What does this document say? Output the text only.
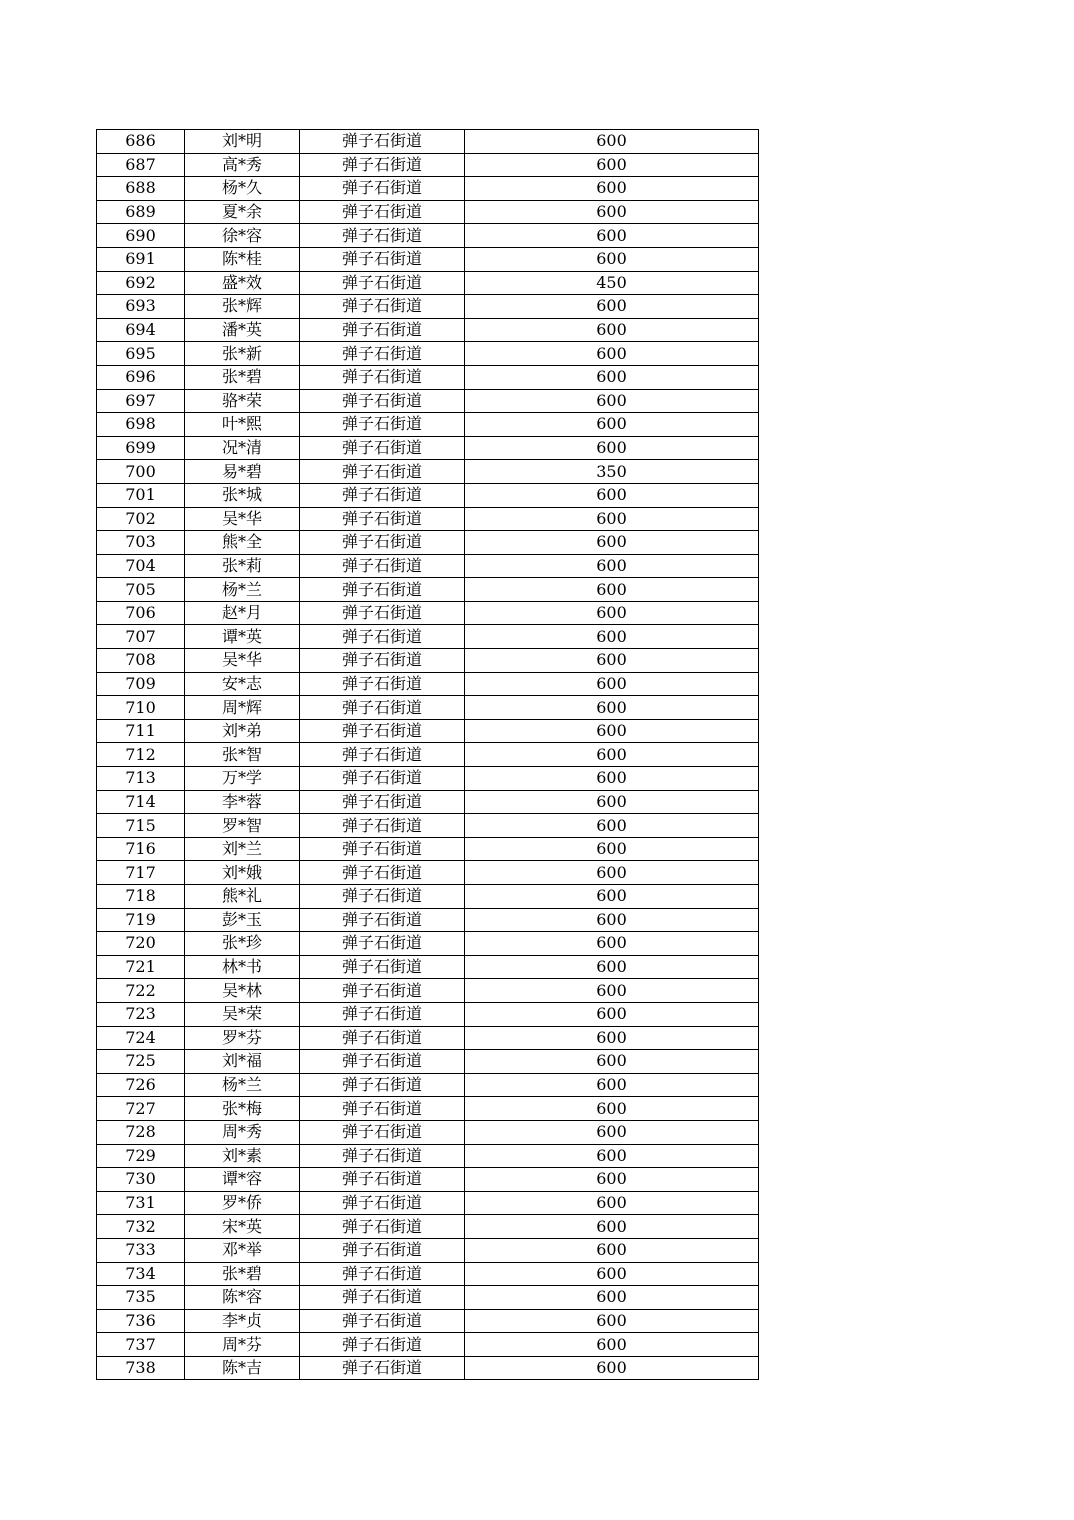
686	刘*明	弹子石街道	600
687	高*秀	弹子石街道	600
688	杨*久	弹子石街道	600
689	夏*余	弹子石街道	600
690	徐*容	弹子石街道	600
691	陈*桂	弹子石街道	600
692	盛*效	弹子石街道	450
693	张*辉	弹子石街道	600
694	潘*英	弹子石街道	600
695	张*新	弹子石街道	600
696	张*碧	弹子石街道	600
697	骆*荣	弹子石街道	600
698	叶*熙	弹子石街道	600
699	况*清	弹子石街道	600
700	易*碧	弹子石街道	350
701	张*城	弹子石街道	600
702	吴*华	弹子石街道	600
703	熊*全	弹子石街道	600
704	张*莉	弹子石街道	600
705	杨*兰	弹子石街道	600
706	赵*月	弹子石街道	600
707	谭*英	弹子石街道	600
708	吴*华	弹子石街道	600
709	安*志	弹子石街道	600
710	周*辉	弹子石街道	600
711	刘*弟	弹子石街道	600
712	张*智	弹子石街道	600
713	万*学	弹子石街道	600
714	李*蓉	弹子石街道	600
715	罗*智	弹子石街道	600
716	刘*兰	弹子石街道	600
717	刘*娥	弹子石街道	600
718	熊*礼	弹子石街道	600
719	彭*玉	弹子石街道	600
720	张*珍	弹子石街道	600
721	林*书	弹子石街道	600
722	吴*林	弹子石街道	600
723	吴*荣	弹子石街道	600
724	罗*芬	弹子石街道	600
725	刘*福	弹子石街道	600
726	杨*兰	弹子石街道	600
727	张*梅	弹子石街道	600
728	周*秀	弹子石街道	600
729	刘*素	弹子石街道	600
730	谭*容	弹子石街道	600
731	罗*侨	弹子石街道	600
732	宋*英	弹子石街道	600
733	邓*举	弹子石街道	600
734	张*碧	弹子石街道	600
735	陈*容	弹子石街道	600
736	李*贞	弹子石街道	600
737	周*芬	弹子石街道	600
738	陈*吉	弹子石街道	600
